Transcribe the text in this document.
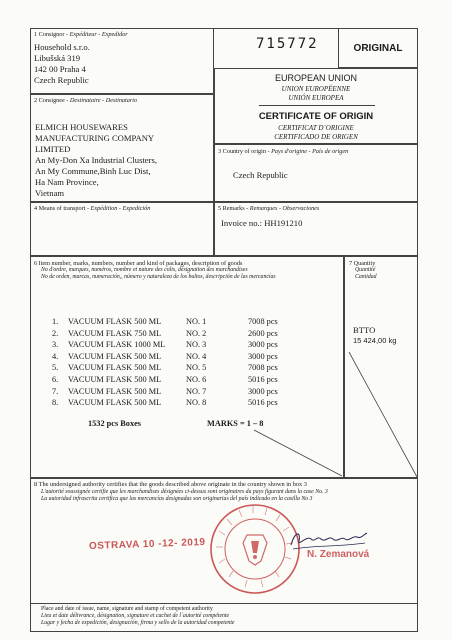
1 Consignor - Expéditeur - Expedidor
Household s.r.o.
Libušská 319
142 00 Praha 4
Czech Republic
715772	ORIGINAL
EUROPEAN UNION
UNION EUROPÉENNE
UNIÓN EUROPEA
CERTIFICATE OF ORIGIN
CERTIFICAT D´ORIGINE
CERTIFICADO DE ORIGEN
2 Consignee - Destinataire - Destinatario
ELMICH HOUSEWARES
MANUFACTURING COMPANY
LIMITED
An My-Don Xa Industrial Clusters,
An My Commune,Binh Luc Dist,
Ha Nam Province,
Vietnam
3 Country of origin - Pays d'origine - País de origen
Czech Republic
4 Means of transport - Expédition - Expedición	5 Remarks - Remarques - Observaciones
Invoice no.: HH191210
6 Item number, marks, numbers, number and kind of packages, description of goods
No d'ordre, marques, numéros, nombre et nature des colis, désignation des marchandises
No de orden, marcas, numeración,, número y naturaleza de los bultos, descripción de las mercancías
1. VACUUM FLASK 500 ML	NO. 1	7008 pcs
2. VACUUM FLASK 750 ML	NO. 2	2600 pcs
3. VACUUM FLASK 1000 ML NO. 3	3000 pcs
4. VACUUM FLASK 500 ML	NO. 4	3000 pcs
5. VACUUM FLASK 500 ML	NO. 5	7008 pcs
6. VACUUM FLASK 500 ML	NO. 6	5016 pcs
7. VACUUM FLASK 500 ML	NO. 7	3000 pcs
8. VACUUM FLASK 500 ML	NO. 8	5016 pcs
1532 pcs Boxes	MARKS = 1 – 8
7 Quantity
Quantité
Cantidad
BTTO
15 424,00 kg
8 The undersigned authority certifies that the goods described above originate in the country shown in box 3
L'autorité soussignée certifie que les marchandises désignées ci-dessus sont originaires du pays figurant dans la case No. 3
La autoridad infrascrita certifica que las mercancías designadas son originarias del país indicado en la casilla No 3
OSTRAVA 10 -12- 2019
N. Zemanová
Place and date of issue, name, signature and stamp of competent authority
Lieu et date délivrance, désignation, signature et cachet de l´autorité compétente
Lugar y fecha de expedición, designación, firma y sello de la autoridad competente
